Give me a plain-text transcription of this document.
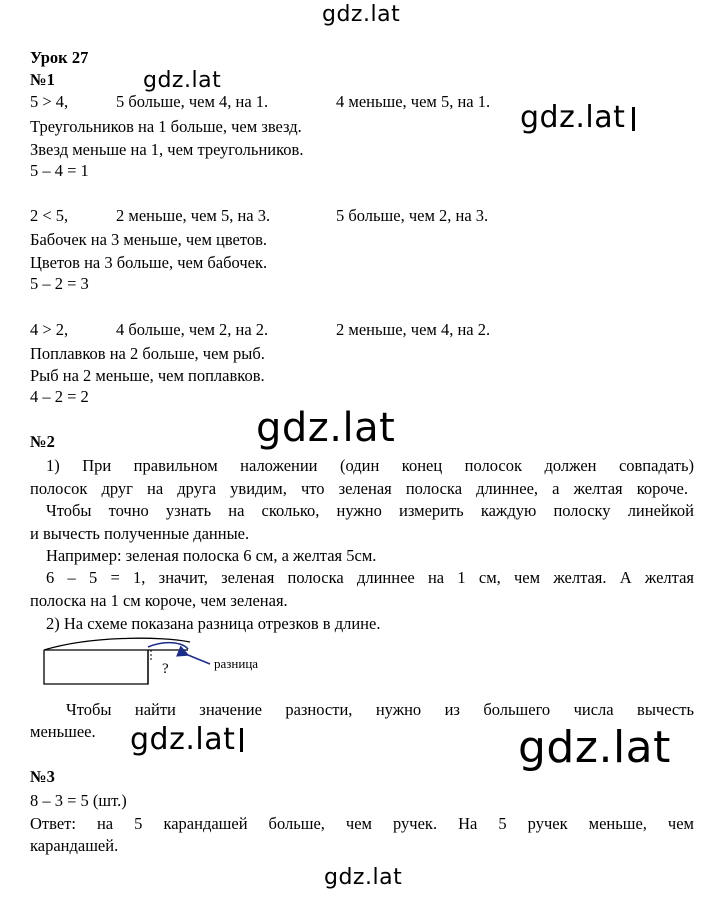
gdz.lat
gdz.lat
gdz.lat
gdz.lat
gdz.lat	gdz.lat
gdz.lat
Урок 27
№1
5 > 4,	5 больше, чем 4, на 1.	4 меньше, чем 5, на 1.
Треугольников на 1 больше, чем звезд.
Звезд меньше на 1, чем треугольников.
5 – 4 = 1
2 < 5,	2 меньше, чем 5, на 3.	5 больше, чем 2, на 3.
Бабочек на 3 меньше, чем цветов.
Цветов на 3 больше, чем бабочек.
5 – 2 = 3
4 > 2,	4 больше, чем 2, на 2.	2 меньше, чем 4, на 2.
Поплавков на 2 больше, чем рыб.
Рыб на 2 меньше, чем поплавков.
4 – 2 = 2
№2
1) При правильном наложении (один конец полосок должен совпадать)
полосок друг на друга увидим, что зеленая полоска длиннее, а желтая короче.
Чтобы точно узнать на сколько, нужно измерить каждую полоску линейкой
и вычесть полученные данные.
Например: зеленая полоска 6 см, а желтая 5см.
6 – 5 = 1, значит, зеленая полоска длиннее на 1 см, чем желтая. А желтая
полоска на 1 см короче, чем зеленая.
2) На схеме показана разница отрезков в длине.
?	разница
Чтобы найти значение разности, нужно из большего числа вычесть
меньшее.
№3
8 – 3 = 5 (шт.)
Ответ: на 5 карандашей больше, чем ручек. На 5 ручек меньше, чем
карандашей.
